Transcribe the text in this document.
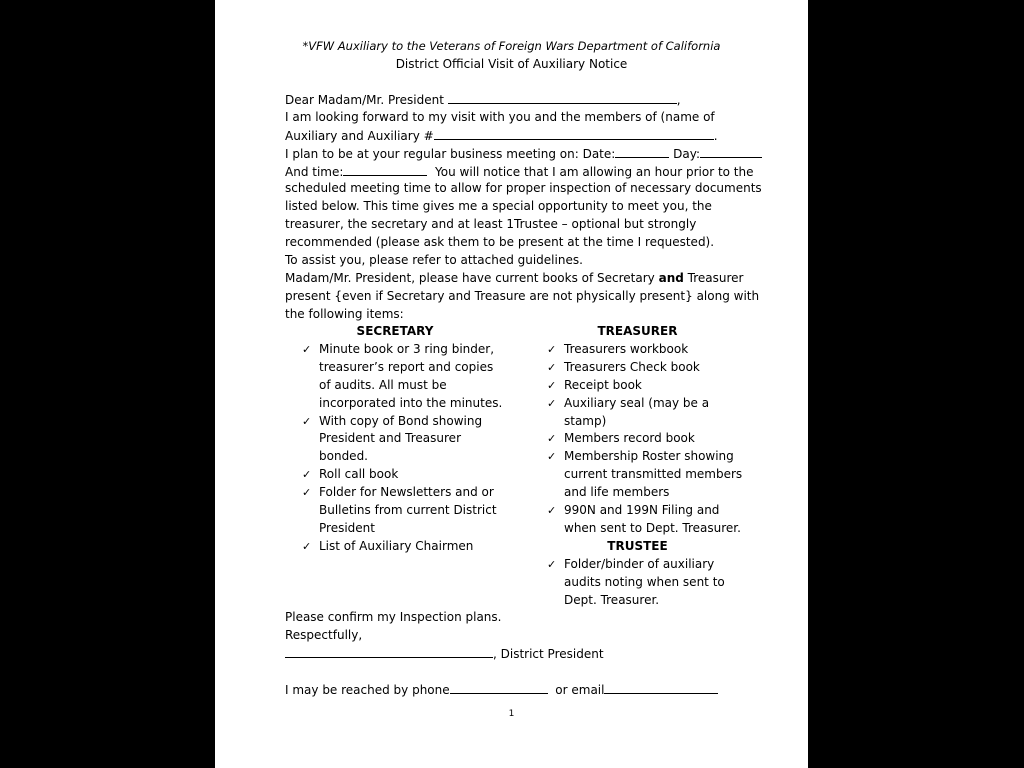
*VFW Auxiliary to the Veterans of Foreign Wars Department of California
District Official Visit of Auxiliary Notice
Dear Madam/Mr. President	,
I am looking forward to my visit with you and the members of (name of
Auxiliary and Auxiliary #	.
I plan to be at your regular business meeting on: Date:	Day:
And time:	You will notice that I am allowing an hour prior to the
scheduled meeting time to allow for proper inspection of necessary documents
listed below. This time gives me a special opportunity to meet you, the
treasurer, the secretary and at least 1Trustee – optional but strongly
recommended (please ask them to be present at the time I requested).
To assist you, please refer to attached guidelines.
Madam/Mr. President, please have current books of Secretary and Treasurer
present {even if Secretary and Treasure are not physically present} along with
the following items:
SECRETARY
✓ Minute book or 3 ring binder, treasurer’s report and copies of audits. All must be incorporated into the minutes.
✓ With copy of Bond showing President and Treasurer bonded.
✓ Roll call book
✓ Folder for Newsletters and or Bulletins from current District President
✓ List of Auxiliary Chairmen
TREASURER
✓ Treasurers workbook
✓ Treasurers Check book
✓ Receipt book
✓ Auxiliary seal (may be a stamp)
✓ Members record book
✓ Membership Roster showing current transmitted members and life members
✓ 990N and 199N Filing and when sent to Dept. Treasurer.
TRUSTEE
✓ Folder/binder of auxiliary audits noting when sent to Dept. Treasurer.
Please confirm my Inspection plans.
Respectfully,
, District President
I may be reached by phone	or email
1
